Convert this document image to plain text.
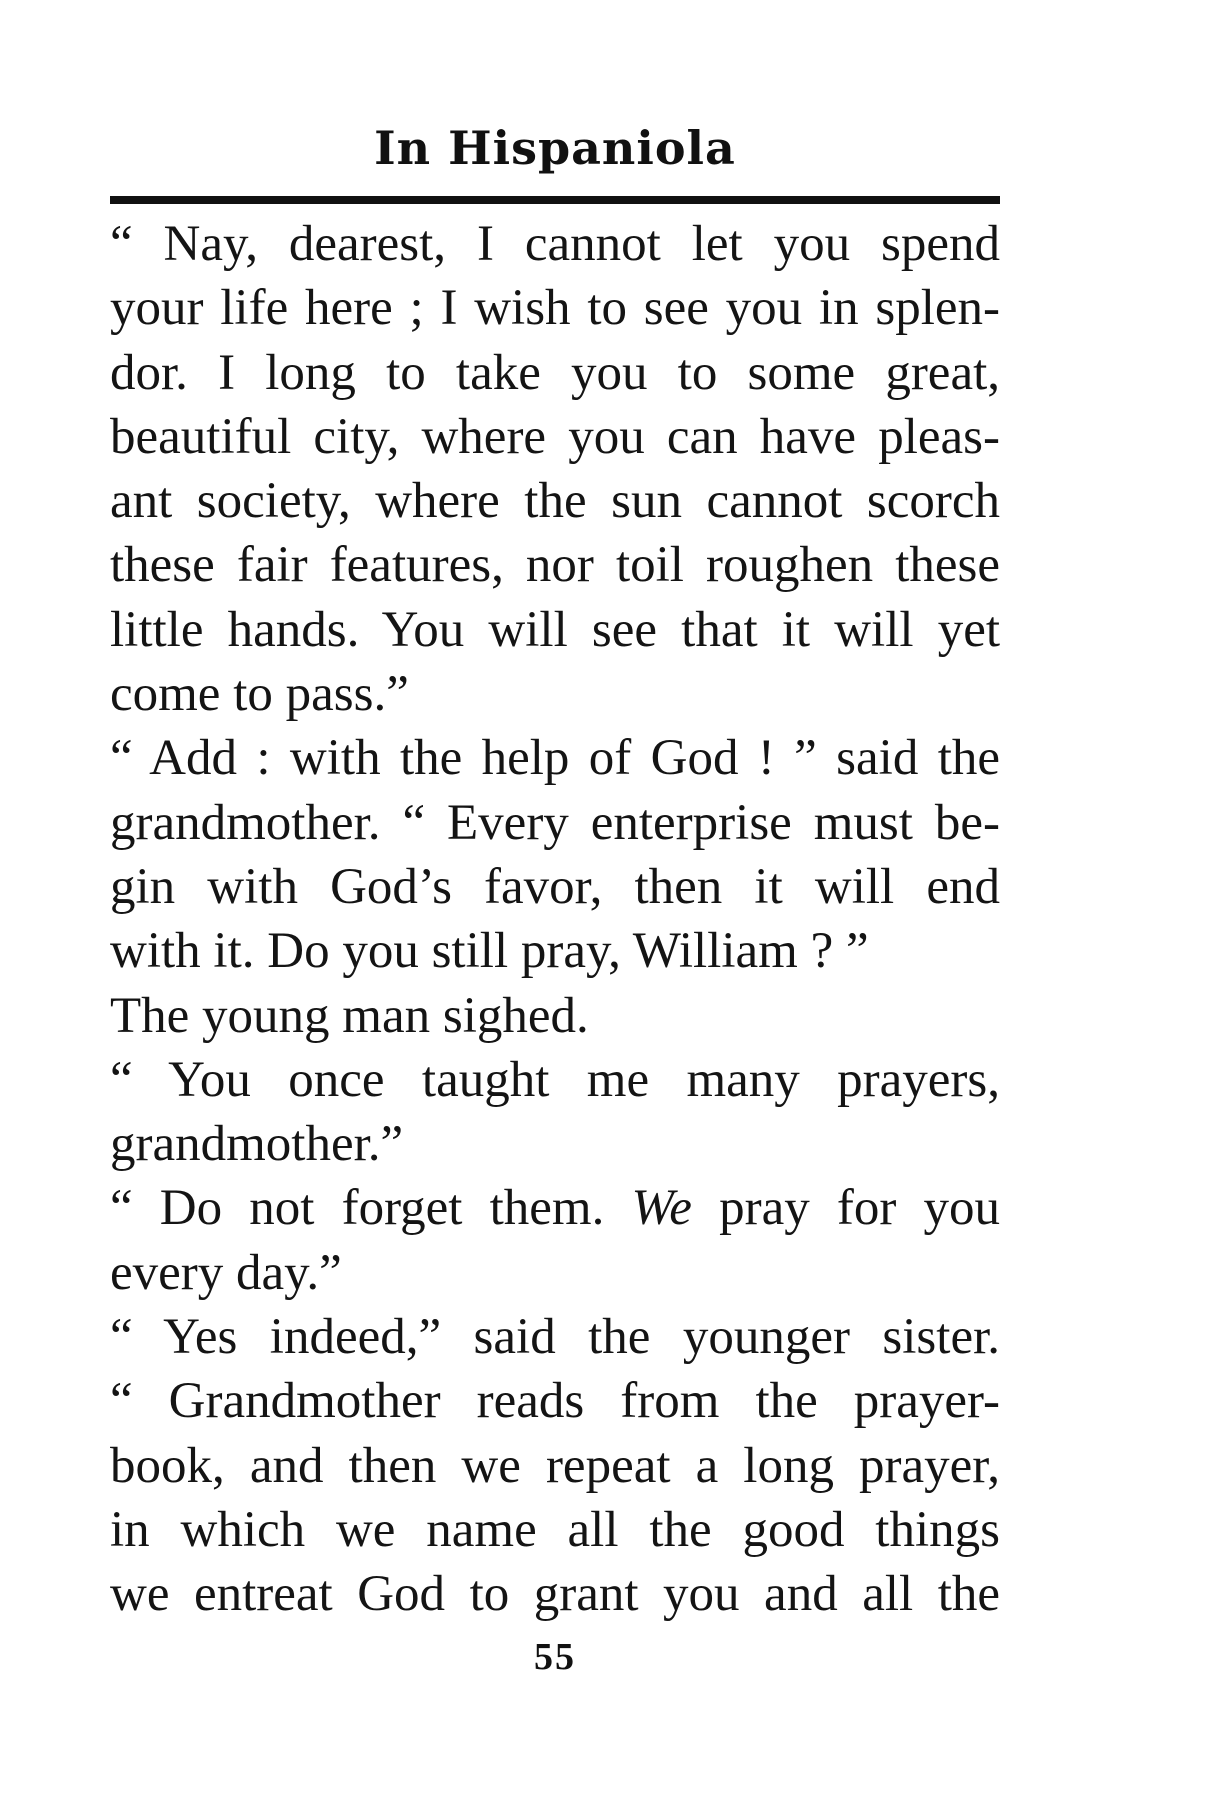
In Hispaniola
“ Nay, dearest, I cannot let you spend
your life here ; I wish to see you in splen-
dor. I long to take you to some great,
beautiful city, where you can have pleas-
ant society, where the sun cannot scorch
these fair features, nor toil roughen these
little hands. You will see that it will yet
come to pass.”
“ Add : with the help of God ! ” said the
grandmother. “ Every enterprise must be-
gin with God’s favor, then it will end
with it. Do you still pray, William ? ”
The young man sighed.
“ You once taught me many prayers,
grandmother.”
“ Do not forget them. We pray for you
every day.”
“ Yes indeed,” said the younger sister.
“ Grandmother reads from the prayer-
book, and then we repeat a long prayer,
in which we name all the good things
we entreat God to grant you and all the
55
